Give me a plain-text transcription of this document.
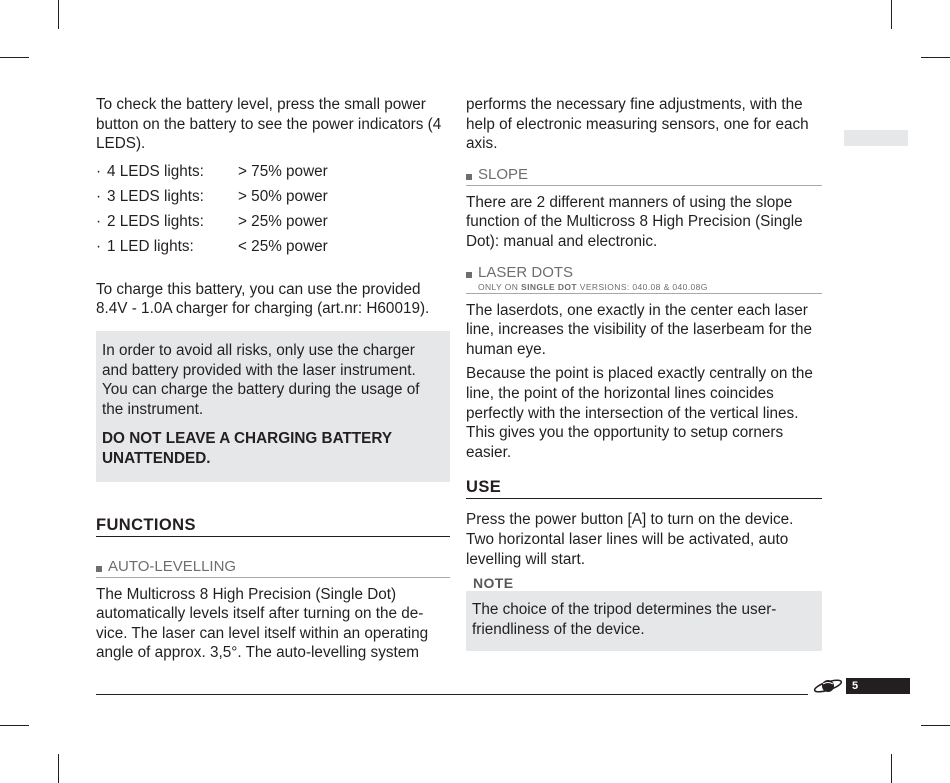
To check the battery level, press the small power button on the battery to see the power indicators (4 LEDS).

· 4 LEDS lights:	> 75% power
· 3 LEDS lights:	> 50% power
· 2 LEDS lights:	> 25% power
· 1 LED lights:	< 25% power

To charge this battery, you can use the provided 8.4V - 1.0A charger for charging (art.nr: H60019).

In order to avoid all risks, only use the charger and battery provided with the laser instrument. You can charge the battery during the usage of the instrument.

DO NOT LEAVE A CHARGING BATTERY UNATTENDED.

FUNCTIONS
AUTO-LEVELLING

The Multicross 8 High Precision (Single Dot) automatically levels itself after turning on the de-vice. The laser can level itself within an operating angle of approx. 3,5°. The auto-levelling system

performs the necessary fine adjustments, with the help of electronic measuring sensors, one for each axis.

SLOPE

There are 2 different manners of using the slope function of the Multicross 8 High Precision (Single Dot): manual and electronic.

LASER DOTS
ONLY ON SINGLE DOT VERSIONS: 040.08 & 040.08G

The laserdots, one exactly in the center each laser line, increases the visibility of the laserbeam for the human eye.

Because the point is placed exactly centrally on the line, the point of the horizontal lines coincides perfectly with the intersection of the vertical lines. This gives you the opportunity to setup corners easier.

USE

Press the power button [A] to turn on the device. Two horizontal laser lines will be activated, auto levelling will start.

NOTE

The choice of the tripod determines the user-friendliness of the device.

5
